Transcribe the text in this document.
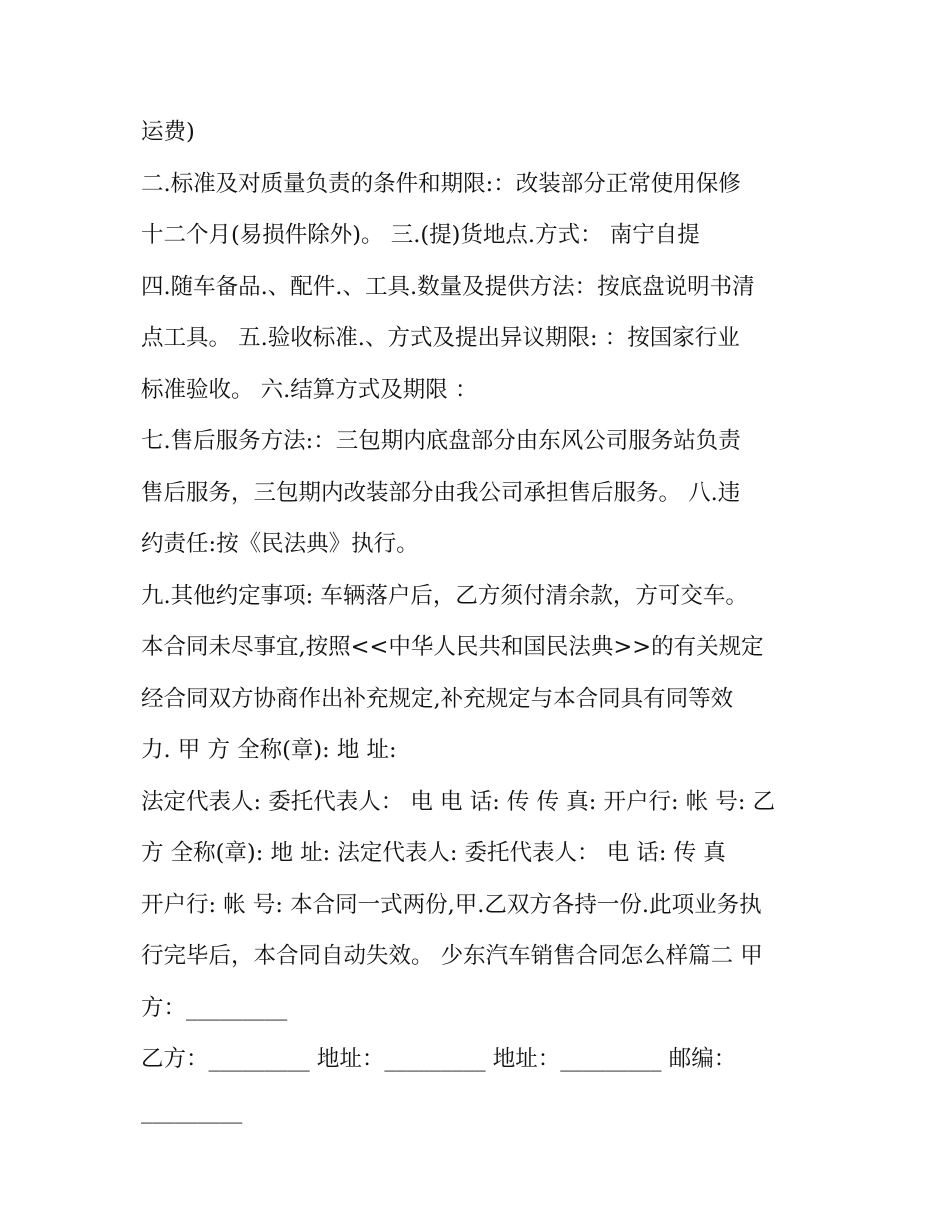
运费)
二.标准及对质量负责的条件和期限:：改装部分正常使用保修
十二个月(易损件除外)。 三.(提)货地点.方式： 南宁自提
四.随车备品.、配件.、工具.数量及提供方法：按底盘说明书清
点工具。 五.验收标准.、方式及提出异议期限: ：按国家行业
标准验收。 六.结算方式及期限 ：
七.售后服务方法:：三包期内底盘部分由东风公司服务站负责
售后服务，三包期内改装部分由我公司承担售后服务。 八.违
约责任:按《民法典》执行。
九.其他约定事项: 车辆落户后，乙方须付清余款，方可交车。
本合同未尽事宜,按照<<中华人民共和国民法典>>的有关规定
经合同双方协商作出补充规定,补充规定与本合同具有同等效
力. 甲 方 全称(章): 地 址:
法定代表人: 委托代表人： 电 电 话: 传 传 真: 开户行: 帐 号: 乙
方 全称(章): 地 址: 法定代表人: 委托代表人： 电 话: 传 真
开户行: 帐 号: 本合同一式两份,甲.乙双方各持一份.此项业务执
行完毕后，本合同自动失效。 少东汽车销售合同怎么样篇二 甲
方：_________
乙方：_________ 地址：_________ 地址：_________ 邮编：
_________
